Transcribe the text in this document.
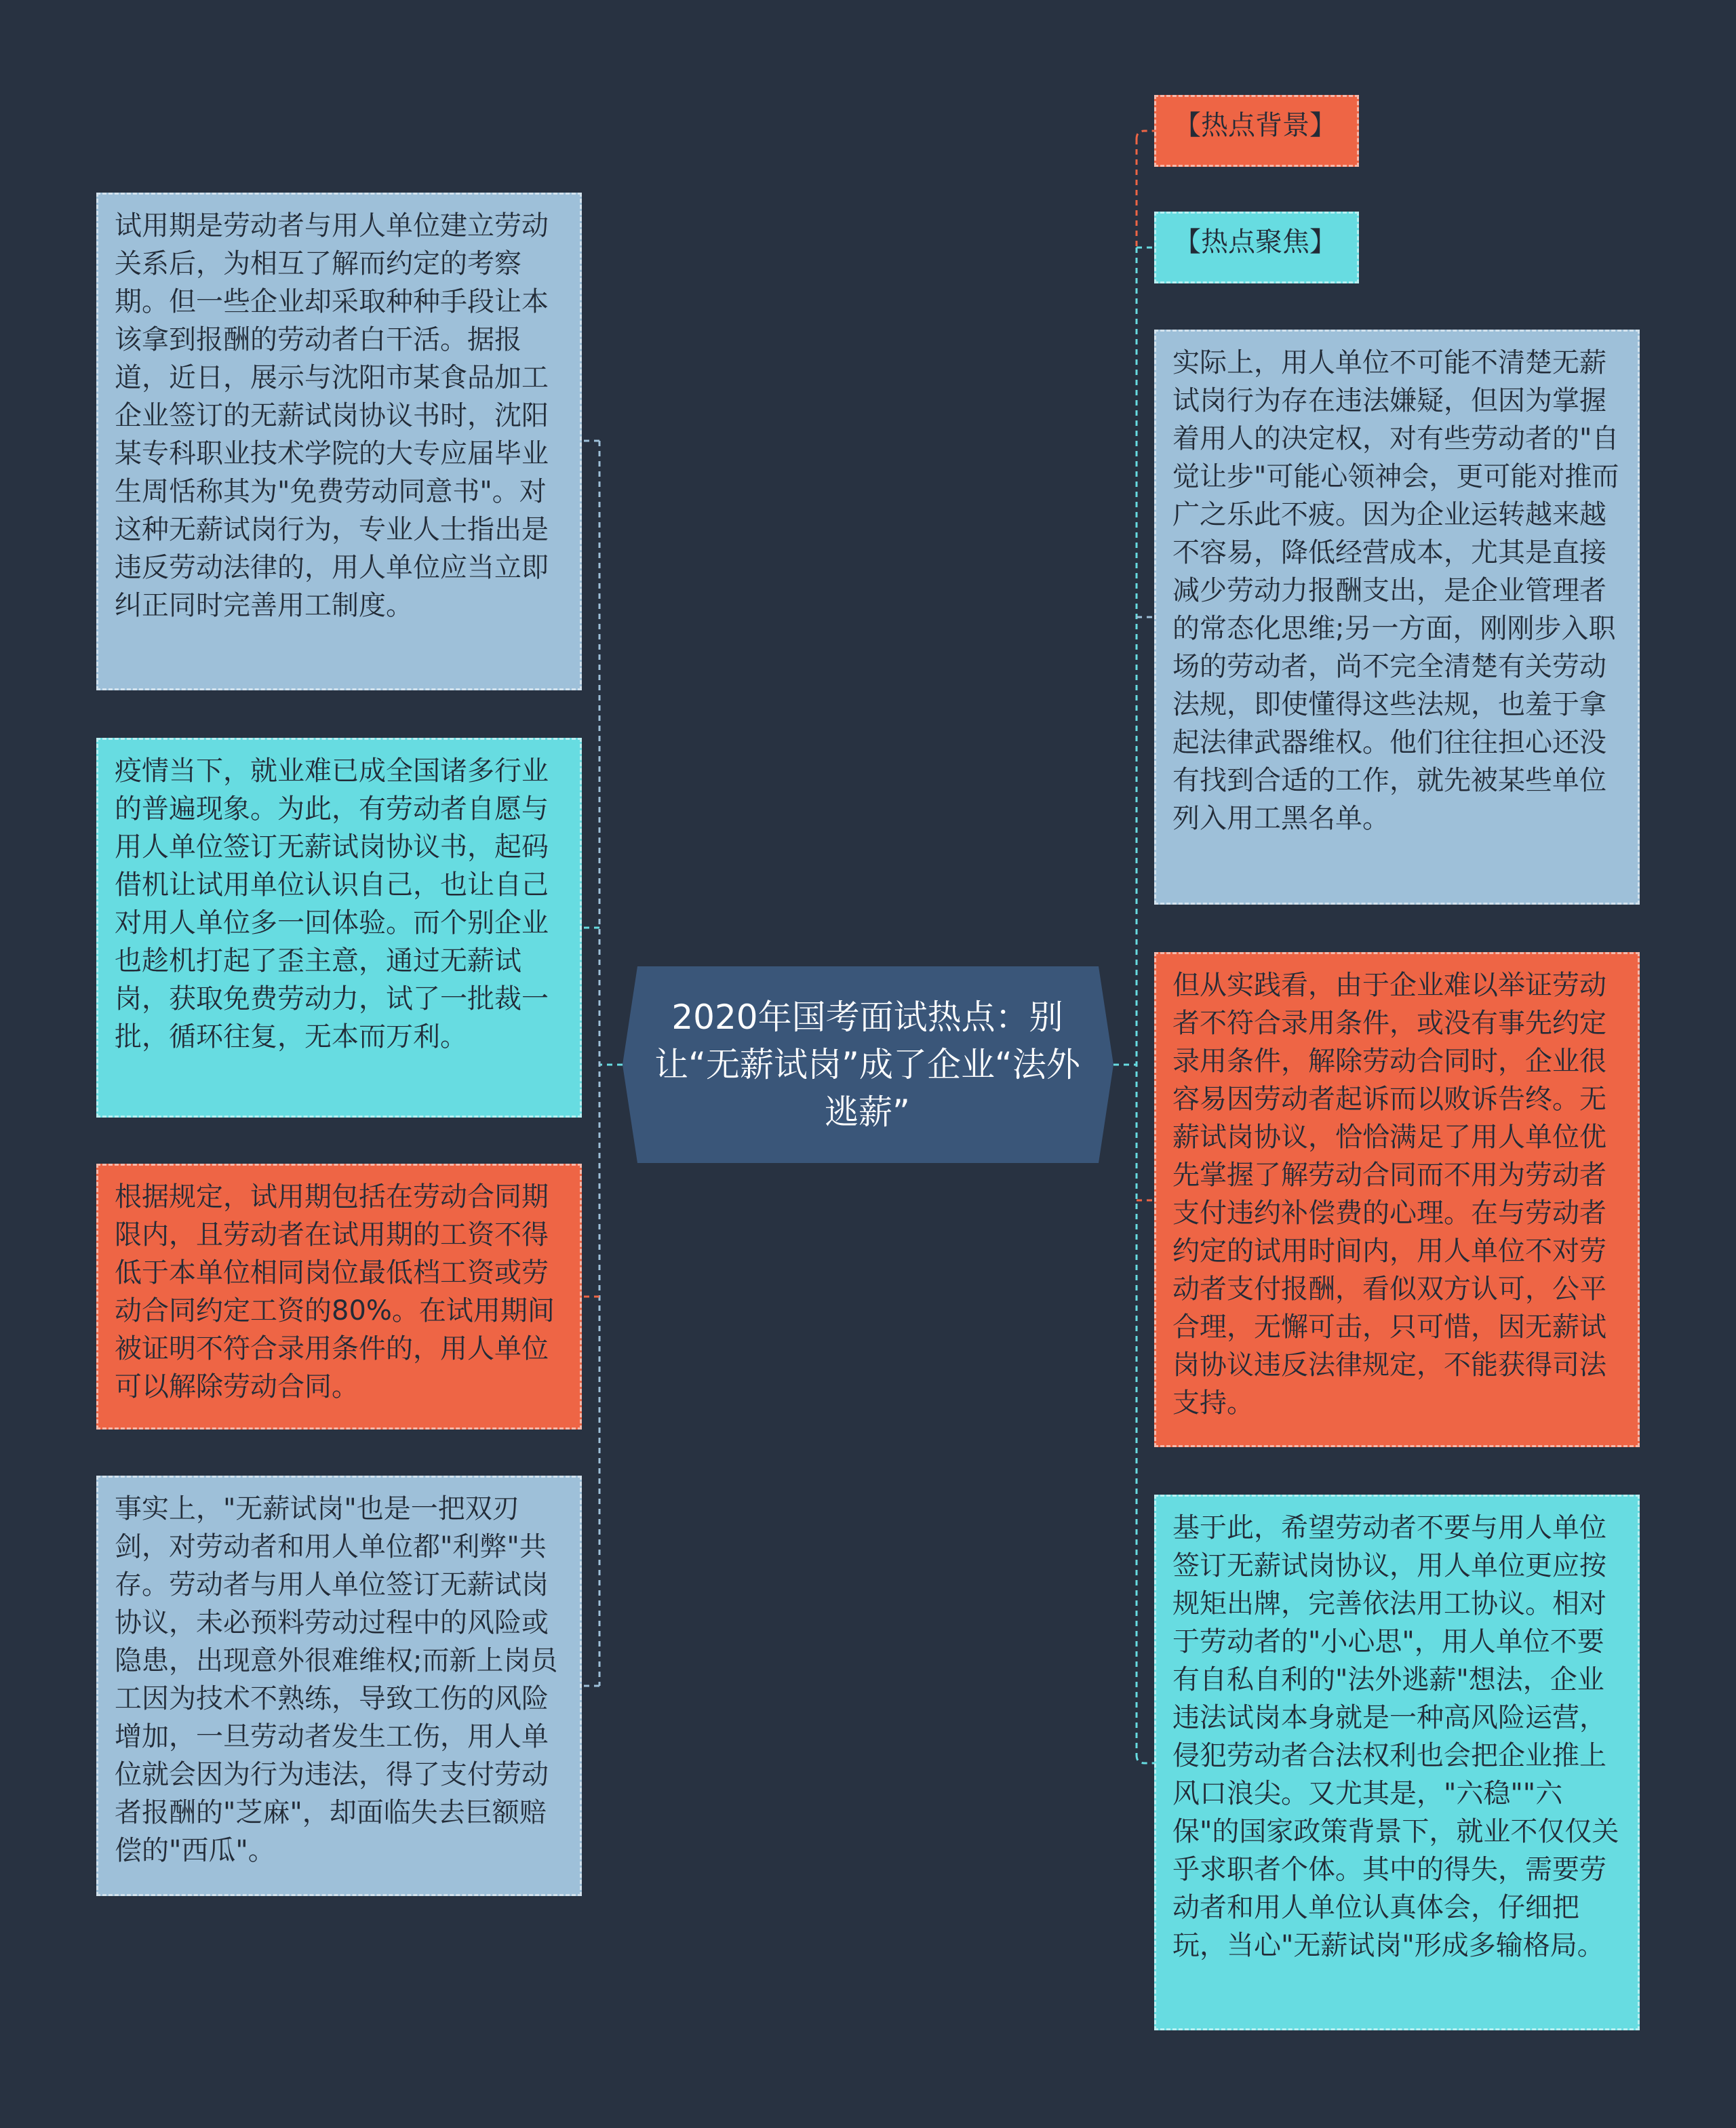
2020年国考面试热点：别让“无薪试岗”成了企业“法外逃薪”
试用期是劳动者与用人单位建立劳动关系后，为相互了解而约定的考察期。但一些企业却采取种种手段让本该拿到报酬的劳动者白干活。据报道，近日，展示与沈阳市某食品加工企业签订的无薪试岗协议书时，沈阳某专科职业技术学院的大专应届毕业生周恬称其为"免费劳动同意书"。对这种无薪试岗行为，专业人士指出是违反劳动法律的，用人单位应当立即纠正同时完善用工制度。
疫情当下，就业难已成全国诸多行业的普遍现象。为此，有劳动者自愿与用人单位签订无薪试岗协议书，起码借机让试用单位认识自己，也让自己对用人单位多一回体验。而个别企业也趁机打起了歪主意，通过无薪试岗，获取免费劳动力，试了一批裁一批，循环往复，无本而万利。
根据规定，试用期包括在劳动合同期限内，且劳动者在试用期的工资不得低于本单位相同岗位最低档工资或劳动合同约定工资的80%。在试用期间被证明不符合录用条件的，用人单位可以解除劳动合同。
事实上，"无薪试岗"也是一把双刃剑，对劳动者和用人单位都"利弊"共存。劳动者与用人单位签订无薪试岗协议，未必预料劳动过程中的风险或隐患，出现意外很难维权;而新上岗员工因为技术不熟练，导致工伤的风险增加，一旦劳动者发生工伤，用人单位就会因为行为违法，得了支付劳动者报酬的"芝麻"，却面临失去巨额赔偿的"西瓜"。
【热点背景】
【热点聚焦】
实际上，用人单位不可能不清楚无薪试岗行为存在违法嫌疑，但因为掌握着用人的决定权，对有些劳动者的"自觉让步"可能心领神会，更可能对推而广之乐此不疲。因为企业运转越来越不容易，降低经营成本，尤其是直接减少劳动力报酬支出，是企业管理者的常态化思维;另一方面，刚刚步入职场的劳动者，尚不完全清楚有关劳动法规，即使懂得这些法规，也羞于拿起法律武器维权。他们往往担心还没有找到合适的工作，就先被某些单位列入用工黑名单。
但从实践看，由于企业难以举证劳动者不符合录用条件，或没有事先约定录用条件，解除劳动合同时，企业很容易因劳动者起诉而以败诉告终。无薪试岗协议，恰恰满足了用人单位优先掌握了解劳动合同而不用为劳动者支付违约补偿费的心理。在与劳动者约定的试用时间内，用人单位不对劳动者支付报酬，看似双方认可，公平合理，无懈可击，只可惜，因无薪试岗协议违反法律规定，不能获得司法支持。
基于此，希望劳动者不要与用人单位签订无薪试岗协议，用人单位更应按规矩出牌，完善依法用工协议。相对于劳动者的"小心思"，用人单位不要有自私自利的"法外逃薪"想法，企业违法试岗本身就是一种高风险运营，侵犯劳动者合法权利也会把企业推上风口浪尖。又尤其是，"六稳""六保"的国家政策背景下，就业不仅仅关乎求职者个体。其中的得失，需要劳动者和用人单位认真体会，仔细把玩，当心"无薪试岗"形成多输格局。
